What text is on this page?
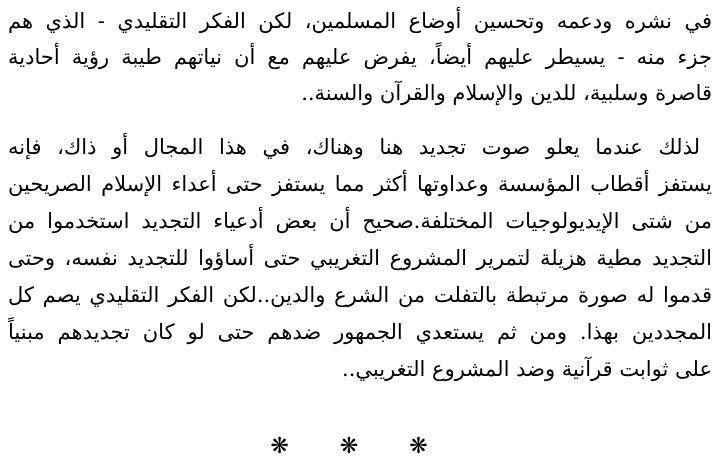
في نشره ودعمه وتحسين أوضاع المسلمين، لكن الفكر التقليدي - الذي هم
جزء منه - يسيطر عليهم أيضاً، يفرض عليهم مع أن نياتهم طيبة رؤية أحادية
قاصرة وسلبية، للدين والإسلام والقرآن والسنة..
لذلك عندما يعلو صوت تجديد هنا وهناك، في هذا المجال أو ذاك، فإنه
يستفز أقطاب المؤسسة وعداوتها أكثر مما يستفز حتى أعداء الإسلام الصريحين
من شتى الإيديولوجيات المختلفة.صحيح أن بعض أدعياء التجديد استخدموا من
التجديد مطية هزيلة لتمرير المشروع التغريبي حتى أساؤوا للتجديد نفسه، وحتى
قدموا له صورة مرتبطة بالتفلت من الشرع والدين..لكن الفكر التقليدي يصم كل
المجددين بهذا. ومن ثم يستعدي الجمهور ضدهم حتى لو كان تجديدهم مبنياً
على ثوابت قرآنية وضد المشروع التغريبي..
❋ ❋ ❋
